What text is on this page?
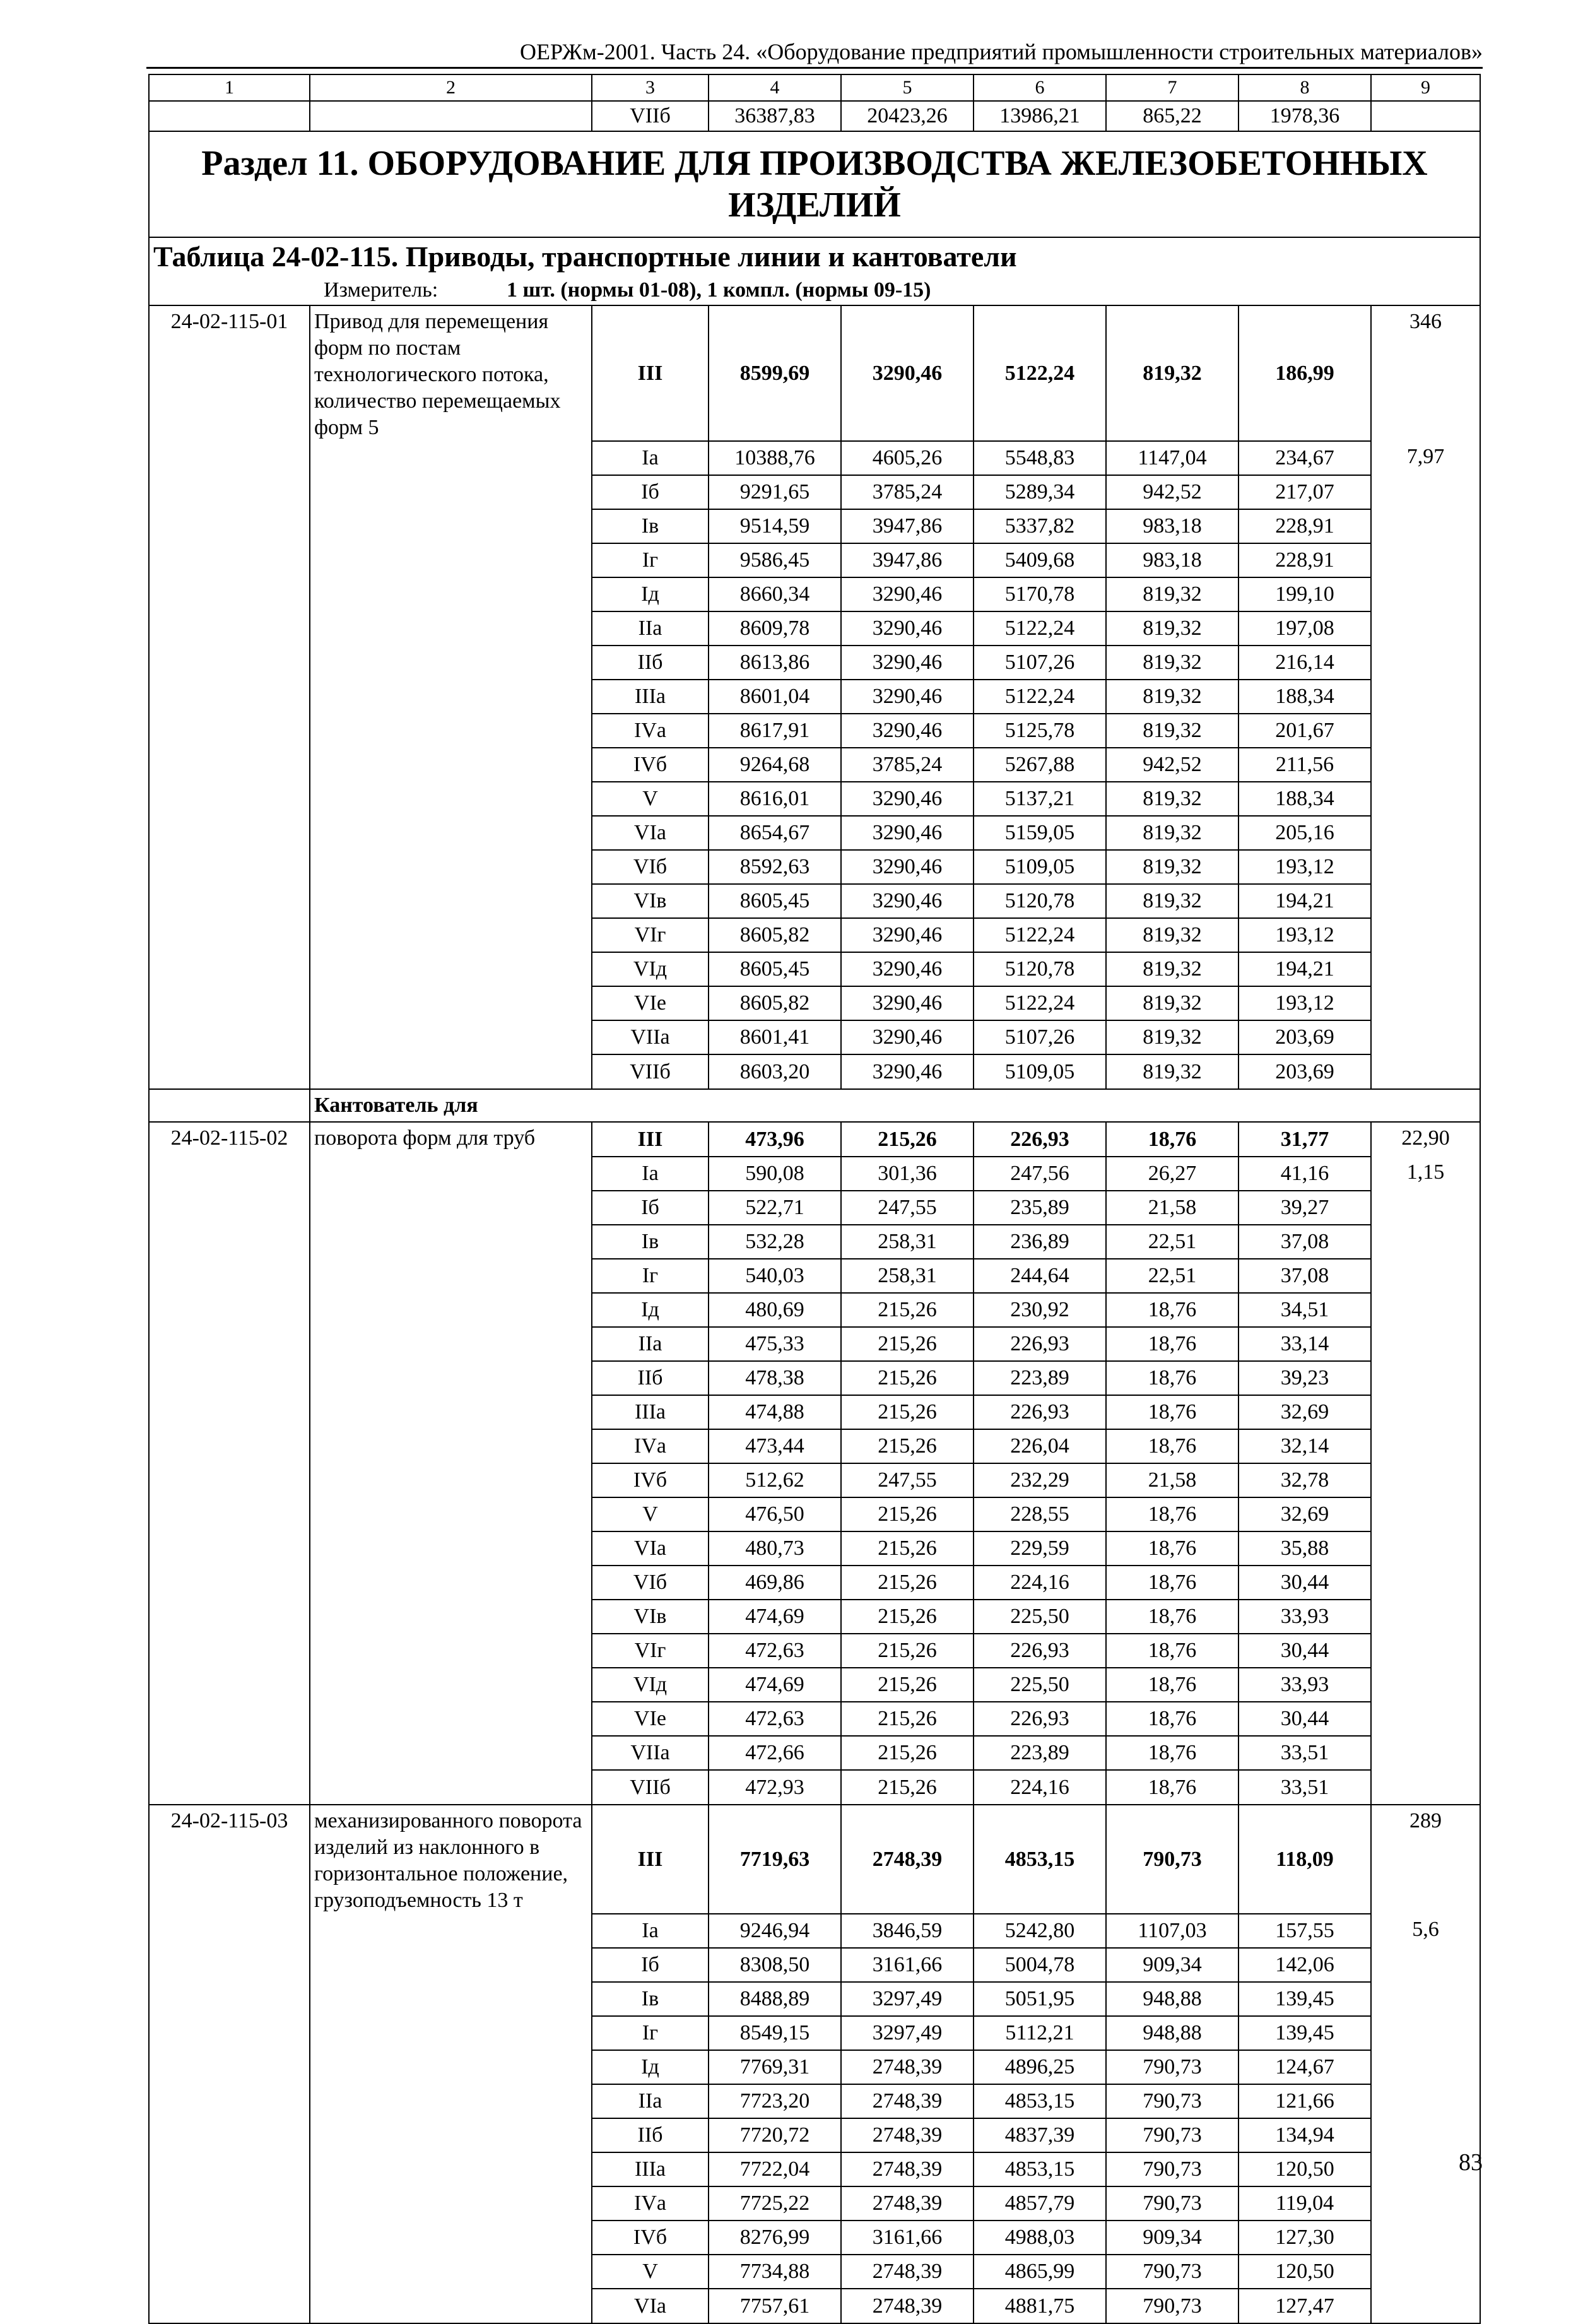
ОЕРЖм-2001. Часть 24. «Оборудование предприятий промышленности строительных материалов»
1	2	3	4	5	6	7	8	9
		VIIб	36387,83	20423,26	13986,21	865,22	1978,36	
Раздел 11. ОБОРУДОВАНИЕ ДЛЯ ПРОИЗВОДСТВА ЖЕЛЕЗОБЕТОННЫХ ИЗДЕЛИЙ								
Таблица 24-02-115. Приводы, транспортные линии и кантователи								
Измеритель: 1 шт. (нормы 01-08), 1 компл. (нормы 09-15)								
24-02-115-01	Привод для перемещения форм по постам технологического потока, количество перемещаемых форм 5	III	8599,69	3290,46	5122,24	819,32	186,99	346
		Iа	10388,76	4605,26	5548,83	1147,04	234,67	7,97
		Iб	9291,65	3785,24	5289,34	942,52	217,07	
		Iв	9514,59	3947,86	5337,82	983,18	228,91	
		Iг	9586,45	3947,86	5409,68	983,18	228,91	
		Iд	8660,34	3290,46	5170,78	819,32	199,10	
		IIа	8609,78	3290,46	5122,24	819,32	197,08	
		IIб	8613,86	3290,46	5107,26	819,32	216,14	
		IIIа	8601,04	3290,46	5122,24	819,32	188,34	
		IVа	8617,91	3290,46	5125,78	819,32	201,67	
		IVб	9264,68	3785,24	5267,88	942,52	211,56	
		V	8616,01	3290,46	5137,21	819,32	188,34	
		VIа	8654,67	3290,46	5159,05	819,32	205,16	
		VIб	8592,63	3290,46	5109,05	819,32	193,12	
		VIв	8605,45	3290,46	5120,78	819,32	194,21	
		VIг	8605,82	3290,46	5122,24	819,32	193,12	
		VIд	8605,45	3290,46	5120,78	819,32	194,21	
		VIе	8605,82	3290,46	5122,24	819,32	193,12	
		VIIа	8601,41	3290,46	5107,26	819,32	203,69	
		VIIб	8603,20	3290,46	5109,05	819,32	203,69	
	Кантователь для							
24-02-115-02	поворота форм для труб	III	473,96	215,26	226,93	18,76	31,77	22,90
		Iа	590,08	301,36	247,56	26,27	41,16	1,15
		Iб	522,71	247,55	235,89	21,58	39,27	
		Iв	532,28	258,31	236,89	22,51	37,08	
		Iг	540,03	258,31	244,64	22,51	37,08	
		Iд	480,69	215,26	230,92	18,76	34,51	
		IIа	475,33	215,26	226,93	18,76	33,14	
		IIб	478,38	215,26	223,89	18,76	39,23	
		IIIа	474,88	215,26	226,93	18,76	32,69	
		IVа	473,44	215,26	226,04	18,76	32,14	
		IVб	512,62	247,55	232,29	21,58	32,78	
		V	476,50	215,26	228,55	18,76	32,69	
		VIа	480,73	215,26	229,59	18,76	35,88	
		VIб	469,86	215,26	224,16	18,76	30,44	
		VIв	474,69	215,26	225,50	18,76	33,93	
		VIг	472,63	215,26	226,93	18,76	30,44	
		VIд	474,69	215,26	225,50	18,76	33,93	
		VIе	472,63	215,26	226,93	18,76	30,44	
		VIIа	472,66	215,26	223,89	18,76	33,51	
		VIIб	472,93	215,26	224,16	18,76	33,51	
24-02-115-03	механизированного поворота изделий из наклонного в горизонтальное положение, грузоподъемность 13 т	III	7719,63	2748,39	4853,15	790,73	118,09	289
		Iа	9246,94	3846,59	5242,80	1107,03	157,55	5,6
		Iб	8308,50	3161,66	5004,78	909,34	142,06	
		Iв	8488,89	3297,49	5051,95	948,88	139,45	
		Iг	8549,15	3297,49	5112,21	948,88	139,45	
		Iд	7769,31	2748,39	4896,25	790,73	124,67	
		IIа	7723,20	2748,39	4853,15	790,73	121,66	
		IIб	7720,72	2748,39	4837,39	790,73	134,94	
		IIIа	7722,04	2748,39	4853,15	790,73	120,50	
		IVа	7725,22	2748,39	4857,79	790,73	119,04	
		IVб	8276,99	3161,66	4988,03	909,34	127,30	
		V	7734,88	2748,39	4865,99	790,73	120,50	
		VIа	7757,61	2748,39	4881,75	790,73	127,47	
83
